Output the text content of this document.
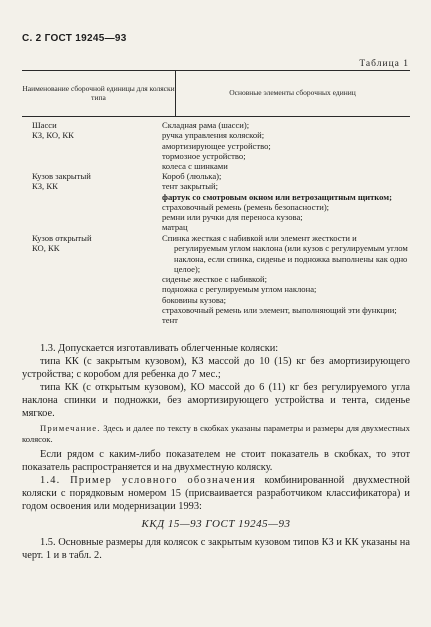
С. 2 ГОСТ 19245—93
Таблица 1
Наименование сборочной единицы для коляски типа
Основные элементы сборочных единиц

Шасси

КЗ, КО, КК

Складная рама (шасси);

ручка управления коляской;

амортизирующее устройство;

тормозное устройство;

колеса с шинками

Кузов закрытый

КЗ, КК

Короб (люлька);

тент закрытый;

фартук со смотровым окном или ветрозащитным щитком;

страховочный ремень (ремень безопасности);

ремни или ручки для переноса кузова;

матрац

Кузов открытый

КО, КК

Спинка жесткая с набивкой или элемент жесткости и регулируемым углом наклона (или кузов с регулируемым углом наклона, если спинка, сиденье и подножка выполнены как одно целое);

сиденье жесткое с набивкой;

подножка с регулируемым углом наклона;

боковины кузова;

страховочный ремень или элемент, выполняющий эти функции;

тент

1.3. Допускается изготавливать облегченные коляски:

типа КК (с закрытым кузовом), КЗ массой до 10 (15) кг без амортизирующего устройства; с коробом для ребенка до 7 мес.;

типа КК (с открытым кузовом), КО массой до 6 (11) кг без регулируемого угла наклона спинки и подножки, без амортизирующего устройства и тента, сиденье мягкое.

Примечание. Здесь и далее по тексту в скобках указаны параметры и размеры для двухместных колясок.

Если рядом с каким-либо показателем не стоит показатель в скобках, то этот показатель распространяется и на двухместную коляску.

1.4. Пример условного обозначения комбинированной двухместной коляски с порядковым номером 15 (присваивается разработчиком классификатора) и годом освоения или модернизации 1993:

ККД 15—93 ГОСТ 19245—93

1.5. Основные размеры для колясок с закрытым кузовом типов КЗ и КК указаны на черт. 1 и в табл. 2.
